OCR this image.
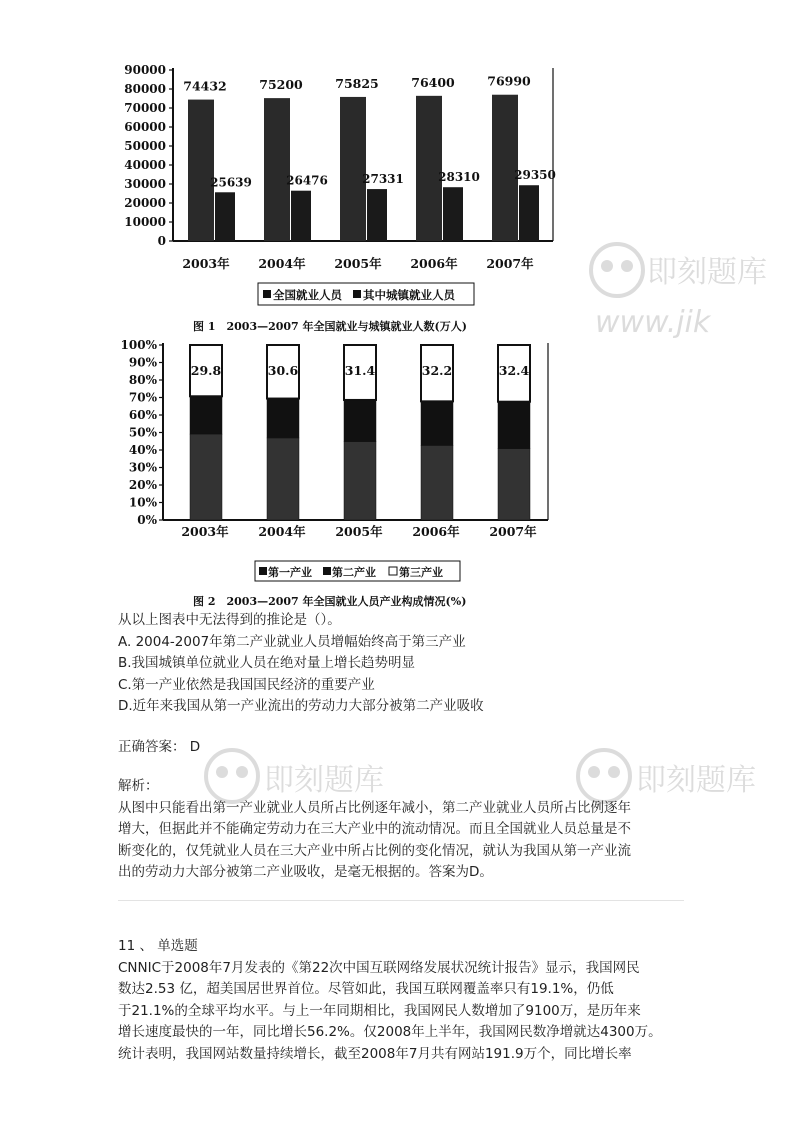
90000
80000
70000
60000
50000
40000
30000
20000
10000
0
74432
25639
2003年
75200
26476
2004年
75825
27331
2005年
76400
28310
2006年
76990
29350
2007年
全国就业人员 其中城镇就业人员
图 1　2003—2007 年全国就业与城镇就业人数(万人)
100%
90%
80%
70%
60%
50%
40%
30%
20%
10%
0%
29.8
2003年
30.6
2004年
31.4
2005年
32.2
2006年
32.4
2007年
第一产业 第二产业 第三产业
图 2　2003—2007 年全国就业人员产业构成情况(%)
即刻题库
www.jik
即刻题库	即刻题库

从以上图表中无法得到的推论是（）。

A. 2004-2007年第二产业就业人员增幅始终高于第三产业

B.我国城镇单位就业人员在绝对量上增长趋势明显

C.第一产业依然是我国国民经济的重要产业

D.近年来我国从第一产业流出的劳动力大部分被第二产业吸收

正确答案： D

解析：

从图中只能看出第一产业就业人员所占比例逐年减小，第二产业就业人员所占比例逐年

增大，但据此并不能确定劳动力在三大产业中的流动情况。而且全国就业人员总量是不

断变化的，仅凭就业人员在三大产业中所占比例的变化情况，就认为我国从第一产业流

出的劳动力大部分被第二产业吸收，是毫无根据的。答案为D。

11 、 单选题

CNNIC于2008年7月发表的《第22次中国互联网络发展状况统计报告》显示，我国网民

数达2.53 亿，超美国居世界首位。尽管如此，我国互联网覆盖率只有19.1%，仍低

于21.1%的全球平均水平。与上一年同期相比，我国网民人数增加了9100万，是历年来

增长速度最快的一年，同比增长56.2%。仅2008年上半年，我国网民数净增就达4300万。

统计表明，我国网站数量持续增长，截至2008年7月共有网站191.9万个，同比增长率
